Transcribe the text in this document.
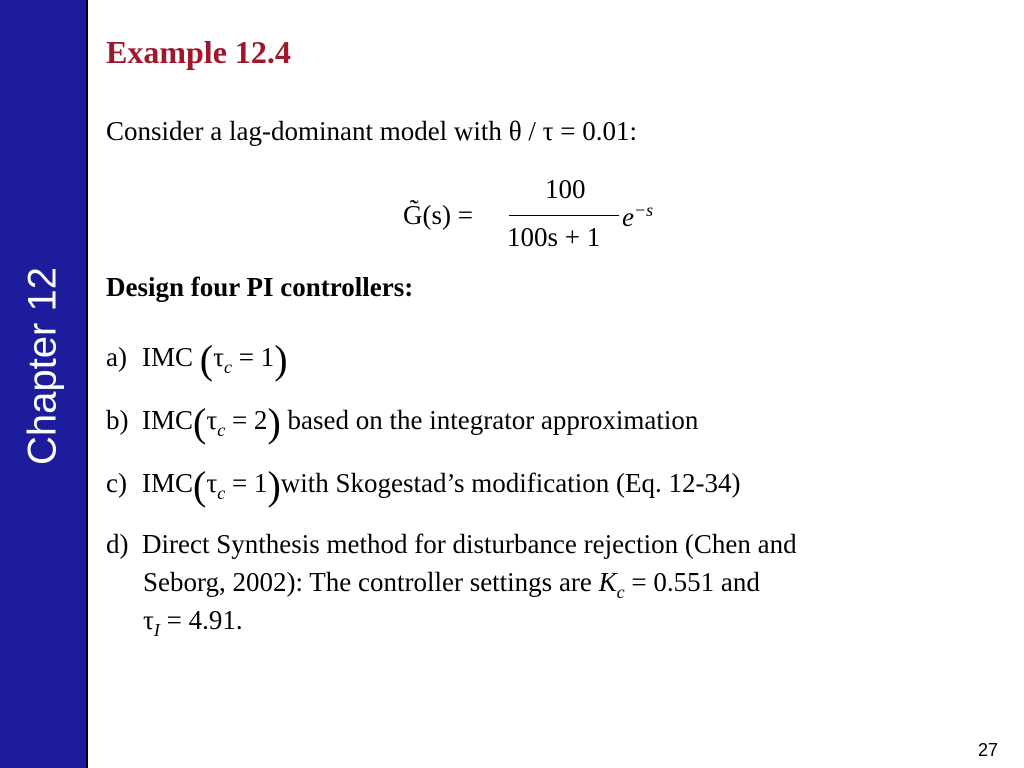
Chapter 12
Example 12.4
Consider a lag-dominant model with θ / τ = 0.01:
G̃(s) =
100
100s + 1
$e^{-s}$
Design four PI controllers:
a) IMC $(\tau_c = 1)$
b) $IMC(\tau_c = 2)$ based on the integrator approximation
c) $IMC(\tau_c$ = 1)with Skogestad’s modification (Eq. 12-34)
d) Direct Synthesis method for disturbance rejection (Chen and
Seborg, 2002): The controller settings are $K_c = 0.551$ and
$\tau_I = 4.91$.
27
